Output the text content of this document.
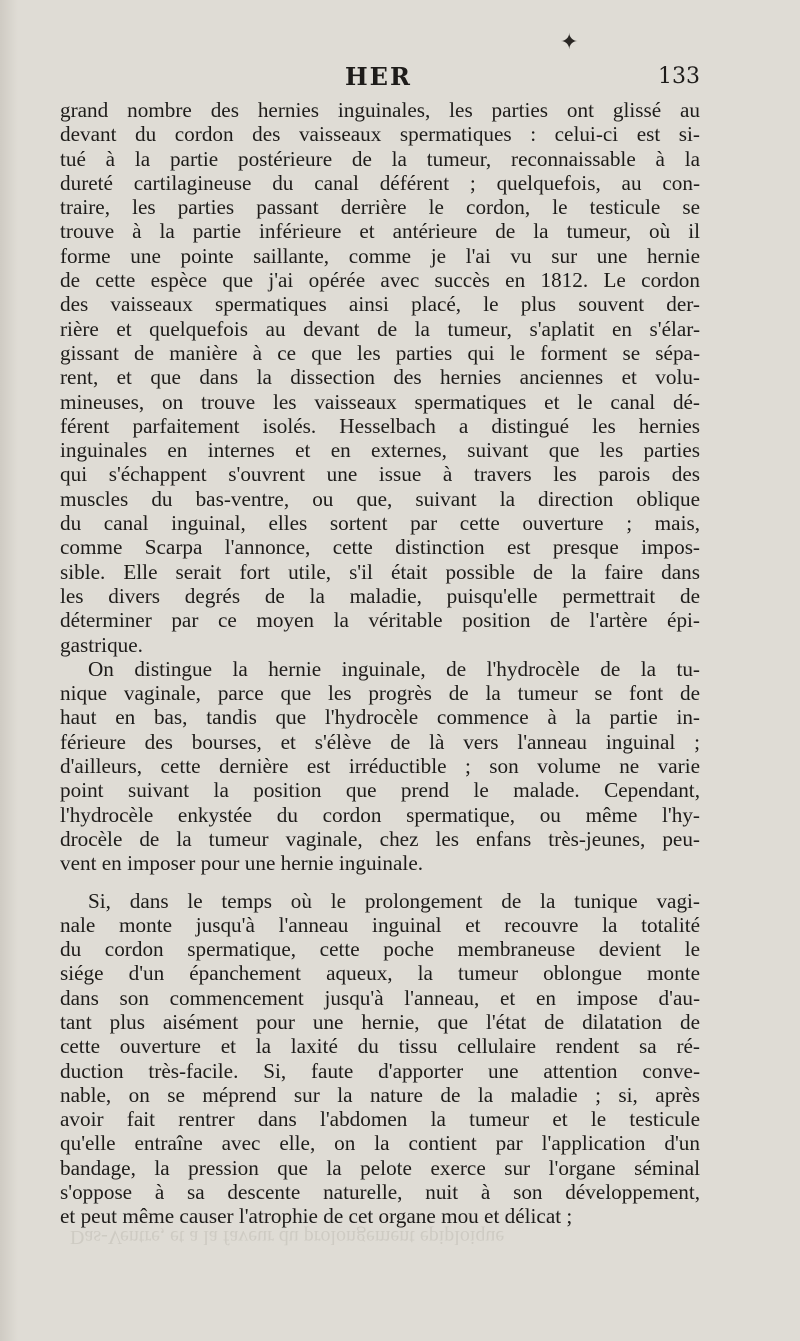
✦
HER	133
grand nombre des hernies inguinales, les parties ont glissé au
devant du cordon des vaisseaux spermatiques : celui-ci est si-
tué à la partie postérieure de la tumeur, reconnaissable à la
dureté cartilagineuse du canal déférent ; quelquefois, au con-
traire, les parties passant derrière le cordon, le testicule se
trouve à la partie inférieure et antérieure de la tumeur, où il
forme une pointe saillante, comme je l'ai vu sur une hernie
de cette espèce que j'ai opérée avec succès en 1812. Le cordon
des vaisseaux spermatiques ainsi placé, le plus souvent der-
rière et quelquefois au devant de la tumeur, s'aplatit en s'élar-
gissant de manière à ce que les parties qui le forment se sépa-
rent, et que dans la dissection des hernies anciennes et volu-
mineuses, on trouve les vaisseaux spermatiques et le canal dé-
férent parfaitement isolés. Hesselbach a distingué les hernies
inguinales en internes et en externes, suivant que les parties
qui s'échappent s'ouvrent une issue à travers les parois des
muscles du bas-ventre, ou que, suivant la direction oblique
du canal inguinal, elles sortent par cette ouverture ; mais,
comme Scarpa l'annonce, cette distinction est presque impos-
sible. Elle serait fort utile, s'il était possible de la faire dans
les divers degrés de la maladie, puisqu'elle permettrait de
déterminer par ce moyen la véritable position de l'artère épi-
gastrique.
On distingue la hernie inguinale, de l'hydrocèle de la tu-
nique vaginale, parce que les progrès de la tumeur se font de
haut en bas, tandis que l'hydrocèle commence à la partie in-
férieure des bourses, et s'élève de là vers l'anneau inguinal ;
d'ailleurs, cette dernière est irréductible ; son volume ne varie
point suivant la position que prend le malade. Cependant,
l'hydrocèle enkystée du cordon spermatique, ou même l'hy-
drocèle de la tumeur vaginale, chez les enfans très-jeunes, peu-
vent en imposer pour une hernie inguinale.
Si, dans le temps où le prolongement de la tunique vagi-
nale monte jusqu'à l'anneau inguinal et recouvre la totalité
du cordon spermatique, cette poche membraneuse devient le
siége d'un épanchement aqueux, la tumeur oblongue monte
dans son commencement jusqu'à l'anneau, et en impose d'au-
tant plus aisément pour une hernie, que l'état de dilatation de
cette ouverture et la laxité du tissu cellulaire rendent sa ré-
duction très-facile. Si, faute d'apporter une attention conve-
nable, on se méprend sur la nature de la maladie ; si, après
avoir fait rentrer dans l'abdomen la tumeur et le testicule
qu'elle entraîne avec elle, on la contient par l'application d'un
bandage, la pression que la pelote exerce sur l'organe séminal
s'oppose à sa descente naturelle, nuit à son développement,
et peut même causer l'atrophie de cet organe mou et délicat ;
Das-Ventre, et a la faveur du prolongement epiploique
